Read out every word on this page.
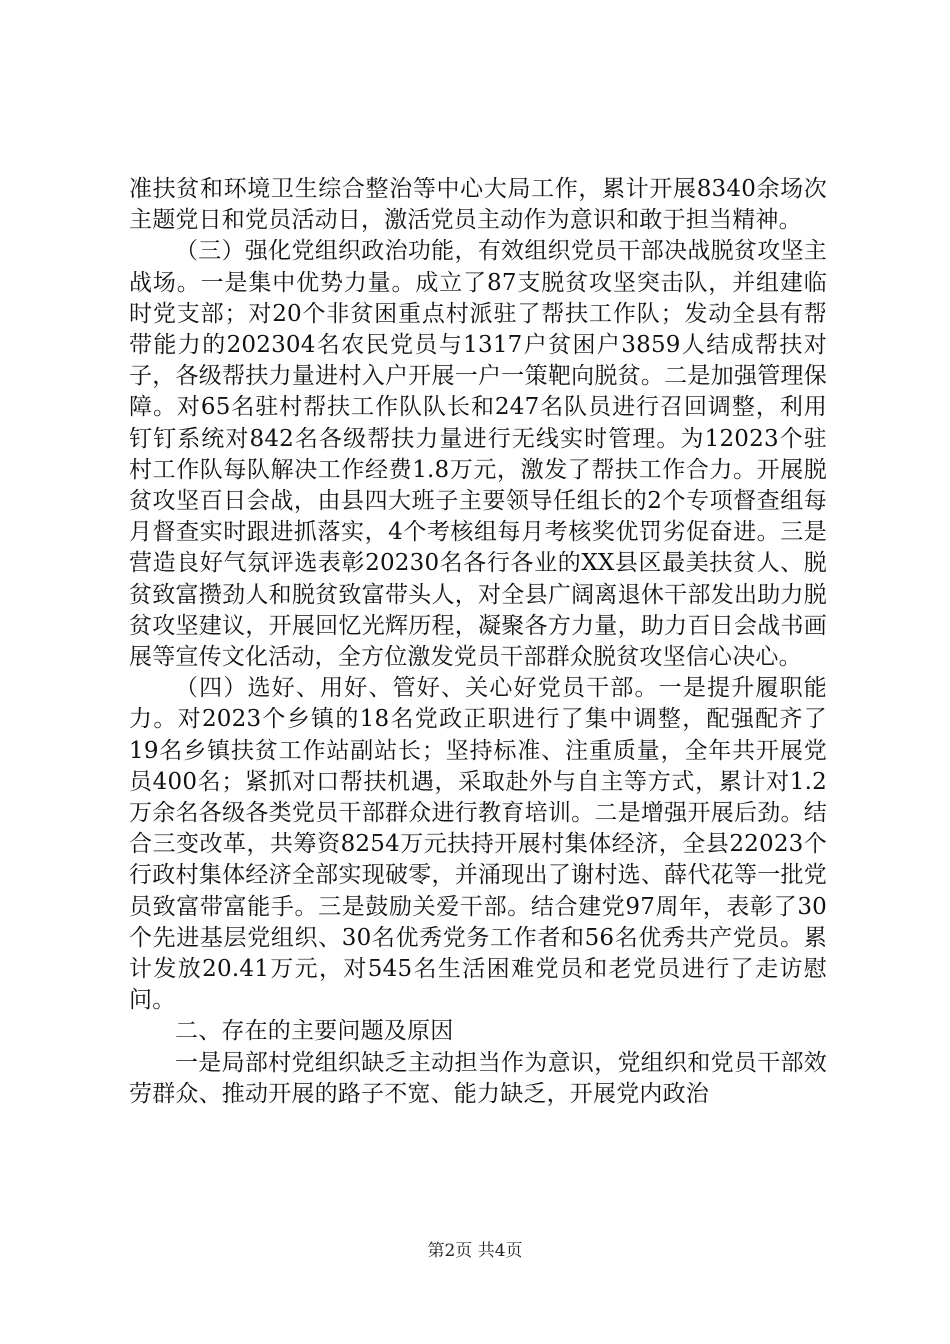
准扶贫和环境卫生综合整治等中心大局工作，累计开展8340余场次主题党日和党员活动日，激活党员主动作为意识和敢于担当精神。

（三）强化党组织政治功能，有效组织党员干部决战脱贫攻坚主战场。一是集中优势力量。成立了87支脱贫攻坚突击队，并组建临时党支部；对20个非贫困重点村派驻了帮扶工作队；发动全县有帮带能力的202304名农民党员与1317户贫困户3859人结成帮扶对子，各级帮扶力量进村入户开展一户一策靶向脱贫。二是加强管理保障。对65名驻村帮扶工作队队长和247名队员进行召回调整，利用钉钉系统对842名各级帮扶力量进行无线实时管理。为12023个驻村工作队每队解决工作经费1.8万元，激发了帮扶工作合力。开展脱贫攻坚百日会战，由县四大班子主要领导任组长的2个专项督查组每月督查实时跟进抓落实，4个考核组每月考核奖优罚劣促奋进。三是营造良好气氛评选表彰20230名各行各业的XX县区最美扶贫人、脱贫致富攒劲人和脱贫致富带头人，对全县广阔离退休干部发出助力脱贫攻坚建议，开展回忆光辉历程，凝聚各方力量，助力百日会战书画展等宣传文化活动，全方位激发党员干部群众脱贫攻坚信心决心。

（四）选好、用好、管好、关心好党员干部。一是提升履职能力。对2023个乡镇的18名党政正职进行了集中调整，配强配齐了19名乡镇扶贫工作站副站长；坚持标准、注重质量，全年共开展党员400名；紧抓对口帮扶机遇，采取赴外与自主等方式，累计对1.2万余名各级各类党员干部群众进行教育培训。二是增强开展后劲。结合三变改革，共筹资8254万元扶持开展村集体经济，全县22023个行政村集体经济全部实现破零，并涌现出了谢村选、薛代花等一批党员致富带富能手。三是鼓励关爱干部。结合建党97周年，表彰了30个先进基层党组织、30名优秀党务工作者和56名优秀共产党员。累计发放20.41万元，对545名生活困难党员和老党员进行了走访慰问。

二、存在的主要问题及原因

一是局部村党组织缺乏主动担当作为意识，党组织和党员干部效劳群众、推动开展的路子不宽、能力缺乏，开展党内政治

第2页 共4页
